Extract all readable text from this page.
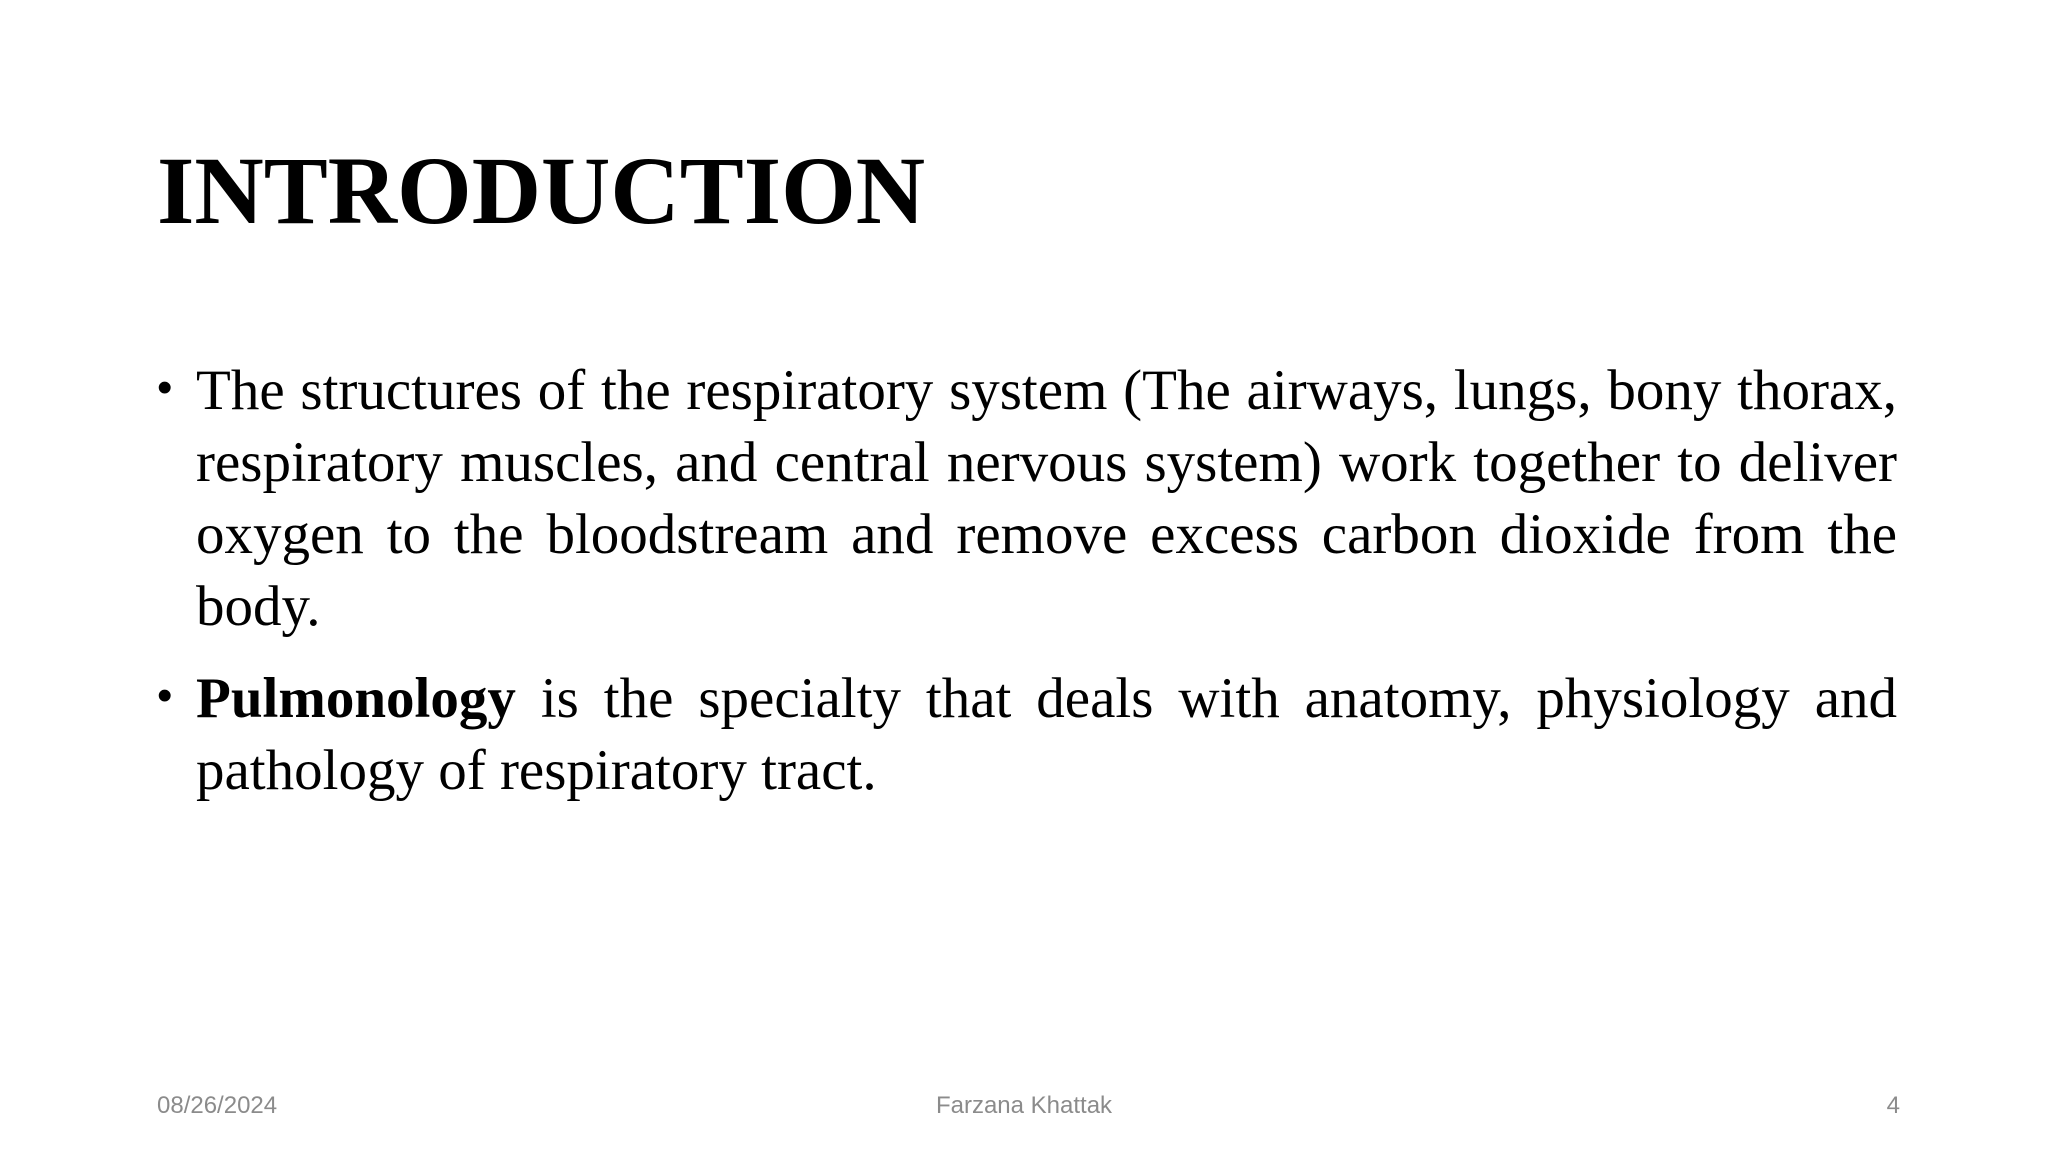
INTRODUCTION
• The structures of the respiratory system (The airways, lungs, bony thorax, respiratory muscles, and central nervous system) work together to deliver oxygen to the bloodstream and remove excess carbon dioxide from the body.
• Pulmonology is the specialty that deals with anatomy, physiology and pathology of respiratory tract.
Farzana Khattak
08/26/2024	4
